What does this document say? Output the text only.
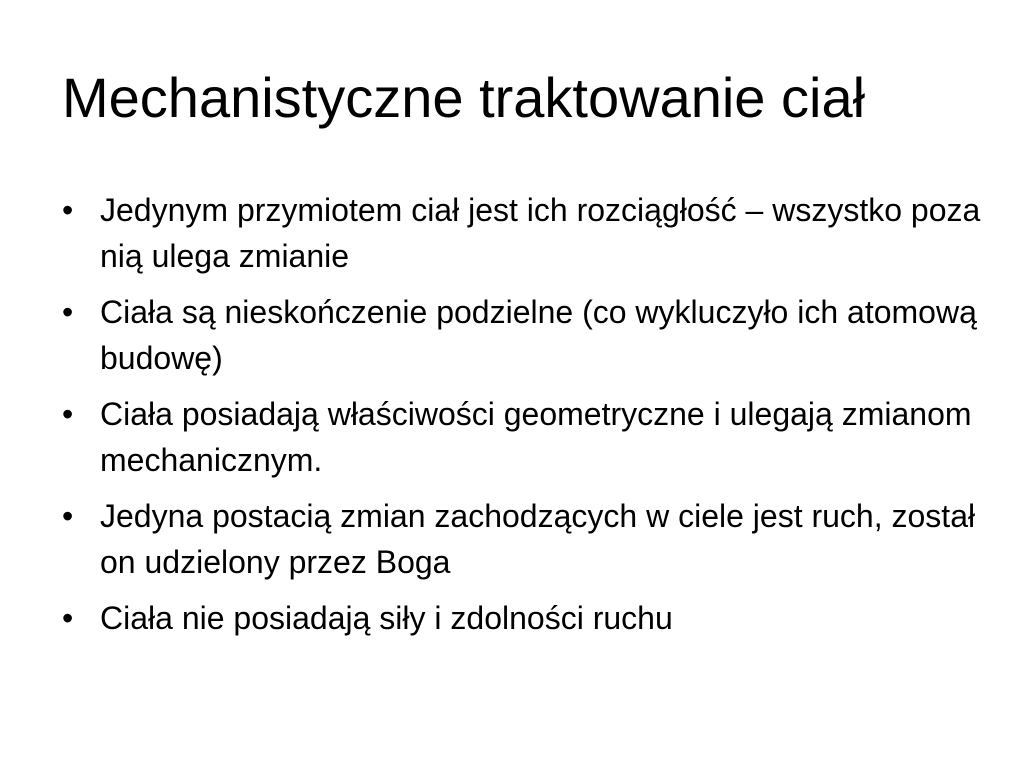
Mechanistyczne traktowanie ciał
• Jedynym przymiotem ciał jest ich rozciągłość – wszystko poza nią ulega zmianie
• Ciała są nieskończenie podzielne (co wykluczyło ich atomową budowę)
• Ciała posiadają właściwości geometryczne i ulegają zmianom mechanicznym.
• Jedyna postacią zmian zachodzących w ciele jest ruch, został on udzielony przez Boga
• Ciała nie posiadają siły i zdolności ruchu
